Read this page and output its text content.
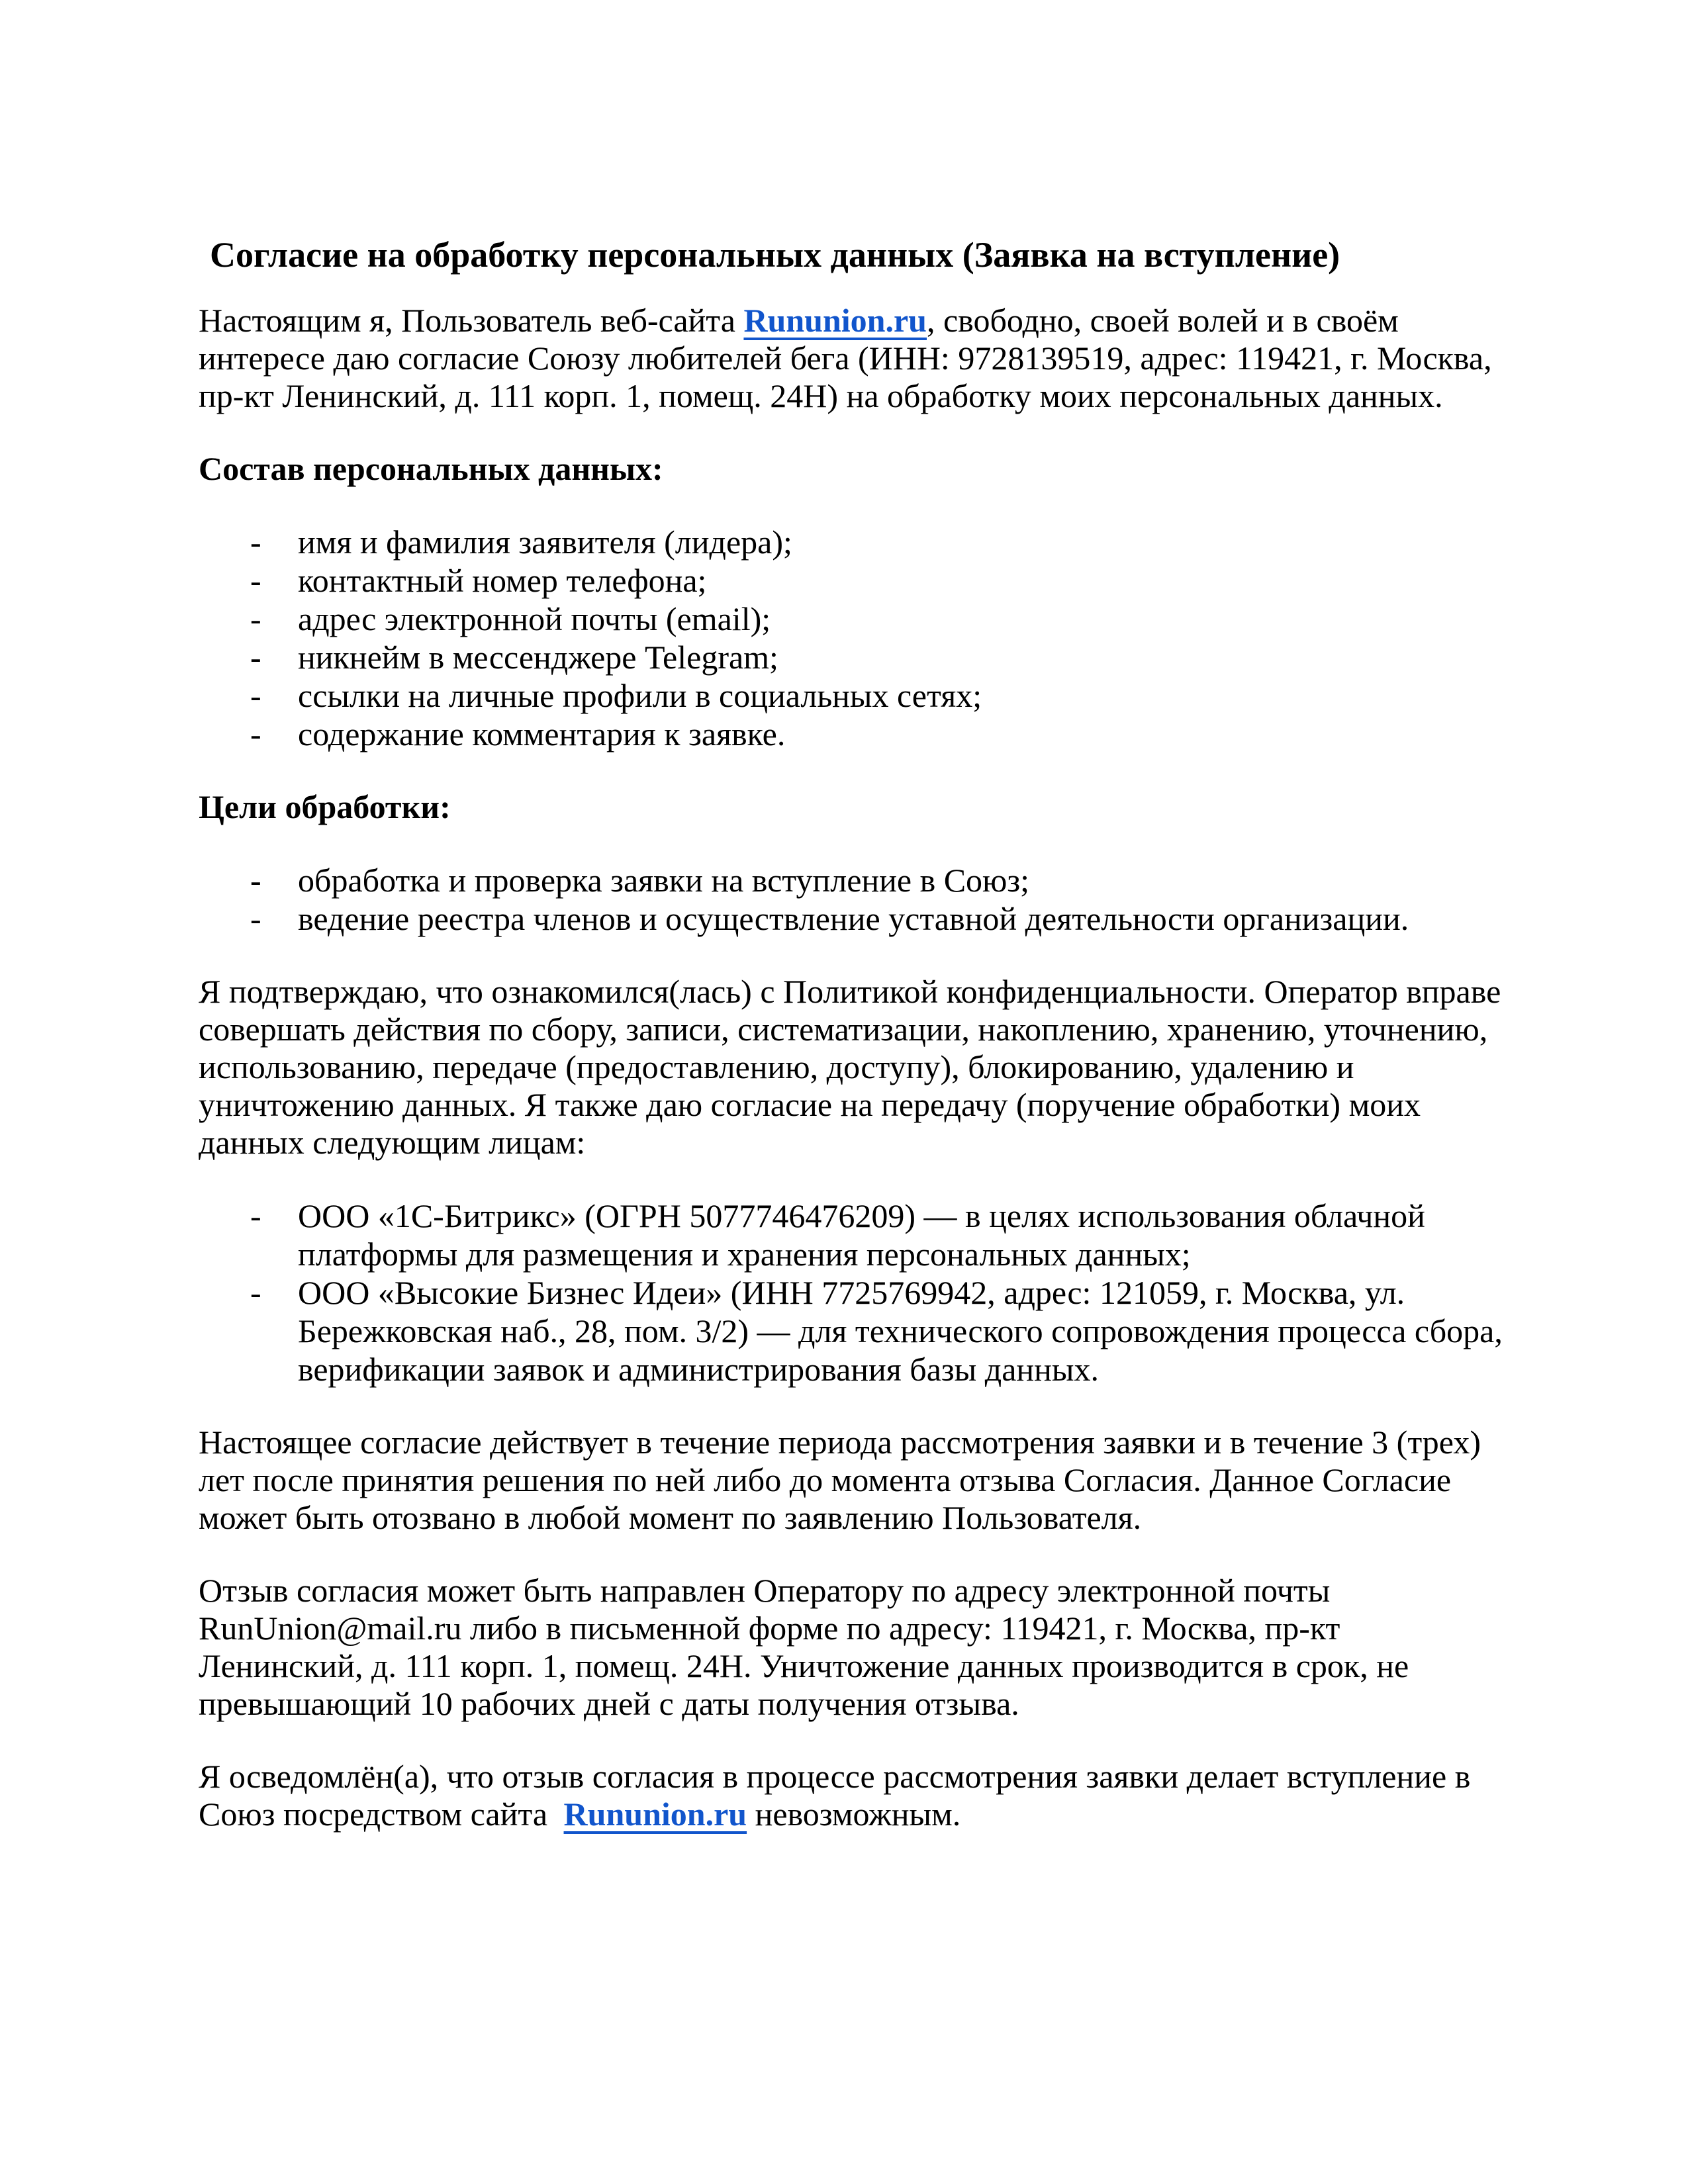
Согласие на обработку персональных данных (Заявка на вступление)

Настоящим я, Пользователь веб-сайта Rununion.ru, свободно, своей волей и в своём интересе даю согласие Союзу любителей бега (ИНН: 9728139519, адрес: 119421, г. Москва, пр-кт Ленинский, д. 111 корп. 1, помещ. 24Н) на обработку моих персональных данных.

Состав персональных данных:
- имя и фамилия заявителя (лидера);
- контактный номер телефона;
- адрес электронной почты (email);
- никнейм в мессенджере Telegram;
- ссылки на личные профили в социальных сетях;
- содержание комментария к заявке.
Цели обработки:
- обработка и проверка заявки на вступление в Союз;
- ведение реестра членов и осуществление уставной деятельности организации.

Я подтверждаю, что ознакомился(лась) с Политикой конфиденциальности. Оператор вправе совершать действия по сбору, записи, систематизации, накоплению, хранению, уточнению, использованию, передаче (предоставлению, доступу), блокированию, удалению и уничтожению данных. Я также даю согласие на передачу (поручение обработки) моих данных следующим лицам:

- ООО «1С-Битрикс» (ОГРН 5077746476209) — в целях использования облачной платформы для размещения и хранения персональных данных;
- ООО «Высокие Бизнес Идеи» (ИНН 7725769942, адрес: 121059, г. Москва, ул. Бережковская наб., 28, пом. 3/2) — для технического сопровождения процесса сбора, верификации заявок и администрирования базы данных.

Настоящее согласие действует в течение периода рассмотрения заявки и в течение 3 (трех) лет после принятия решения по ней либо до момента отзыва Согласия. Данное Согласие может быть отозвано в любой момент по заявлению Пользователя.

Отзыв согласия может быть направлен Оператору по адресу электронной почты RunUnion@mail.ru либо в письменной форме по адресу: 119421, г. Москва, пр-кт Ленинский, д. 111 корп. 1, помещ. 24Н. Уничтожение данных производится в срок, не превышающий 10 рабочих дней с даты получения отзыва.

Я осведомлён(а), что отзыв согласия в процессе рассмотрения заявки делает вступление в Союз посредством сайта Rununion.ru невозможным.
